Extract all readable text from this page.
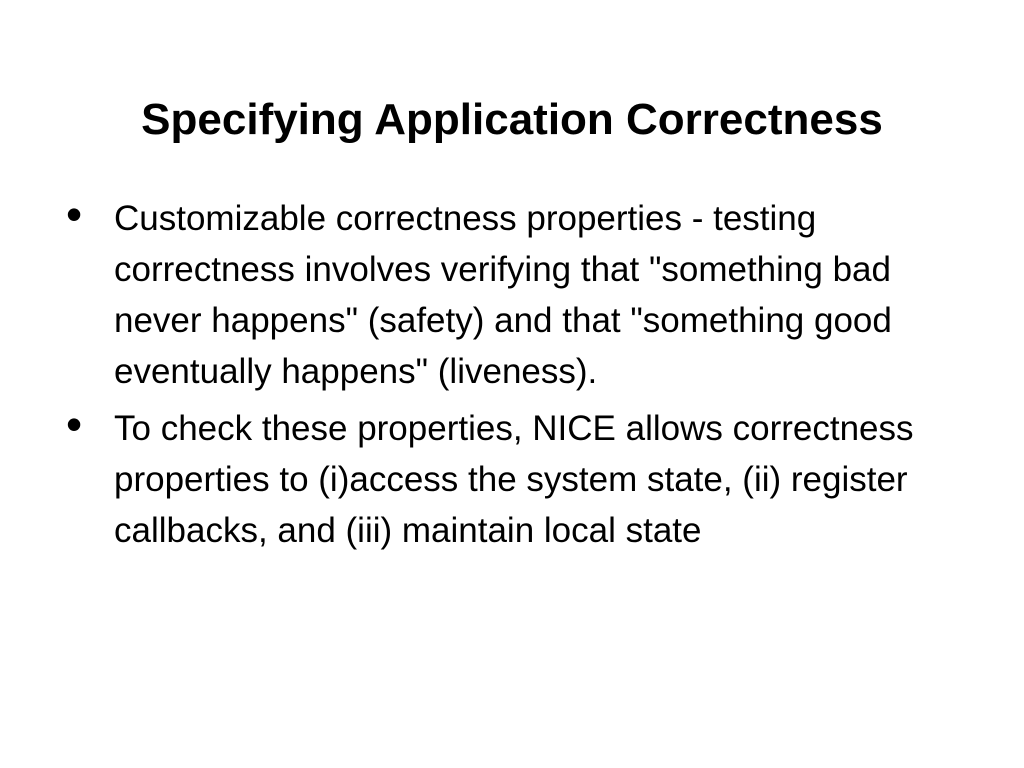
Specifying Application Correctness
• Customizable correctness properties - testing correctness involves verifying that "something bad never happens" (safety) and that "something good eventually happens" (liveness).
• To check these properties, NICE allows correctness properties to (i)access the system state, (ii) register callbacks, and (iii) maintain local state
